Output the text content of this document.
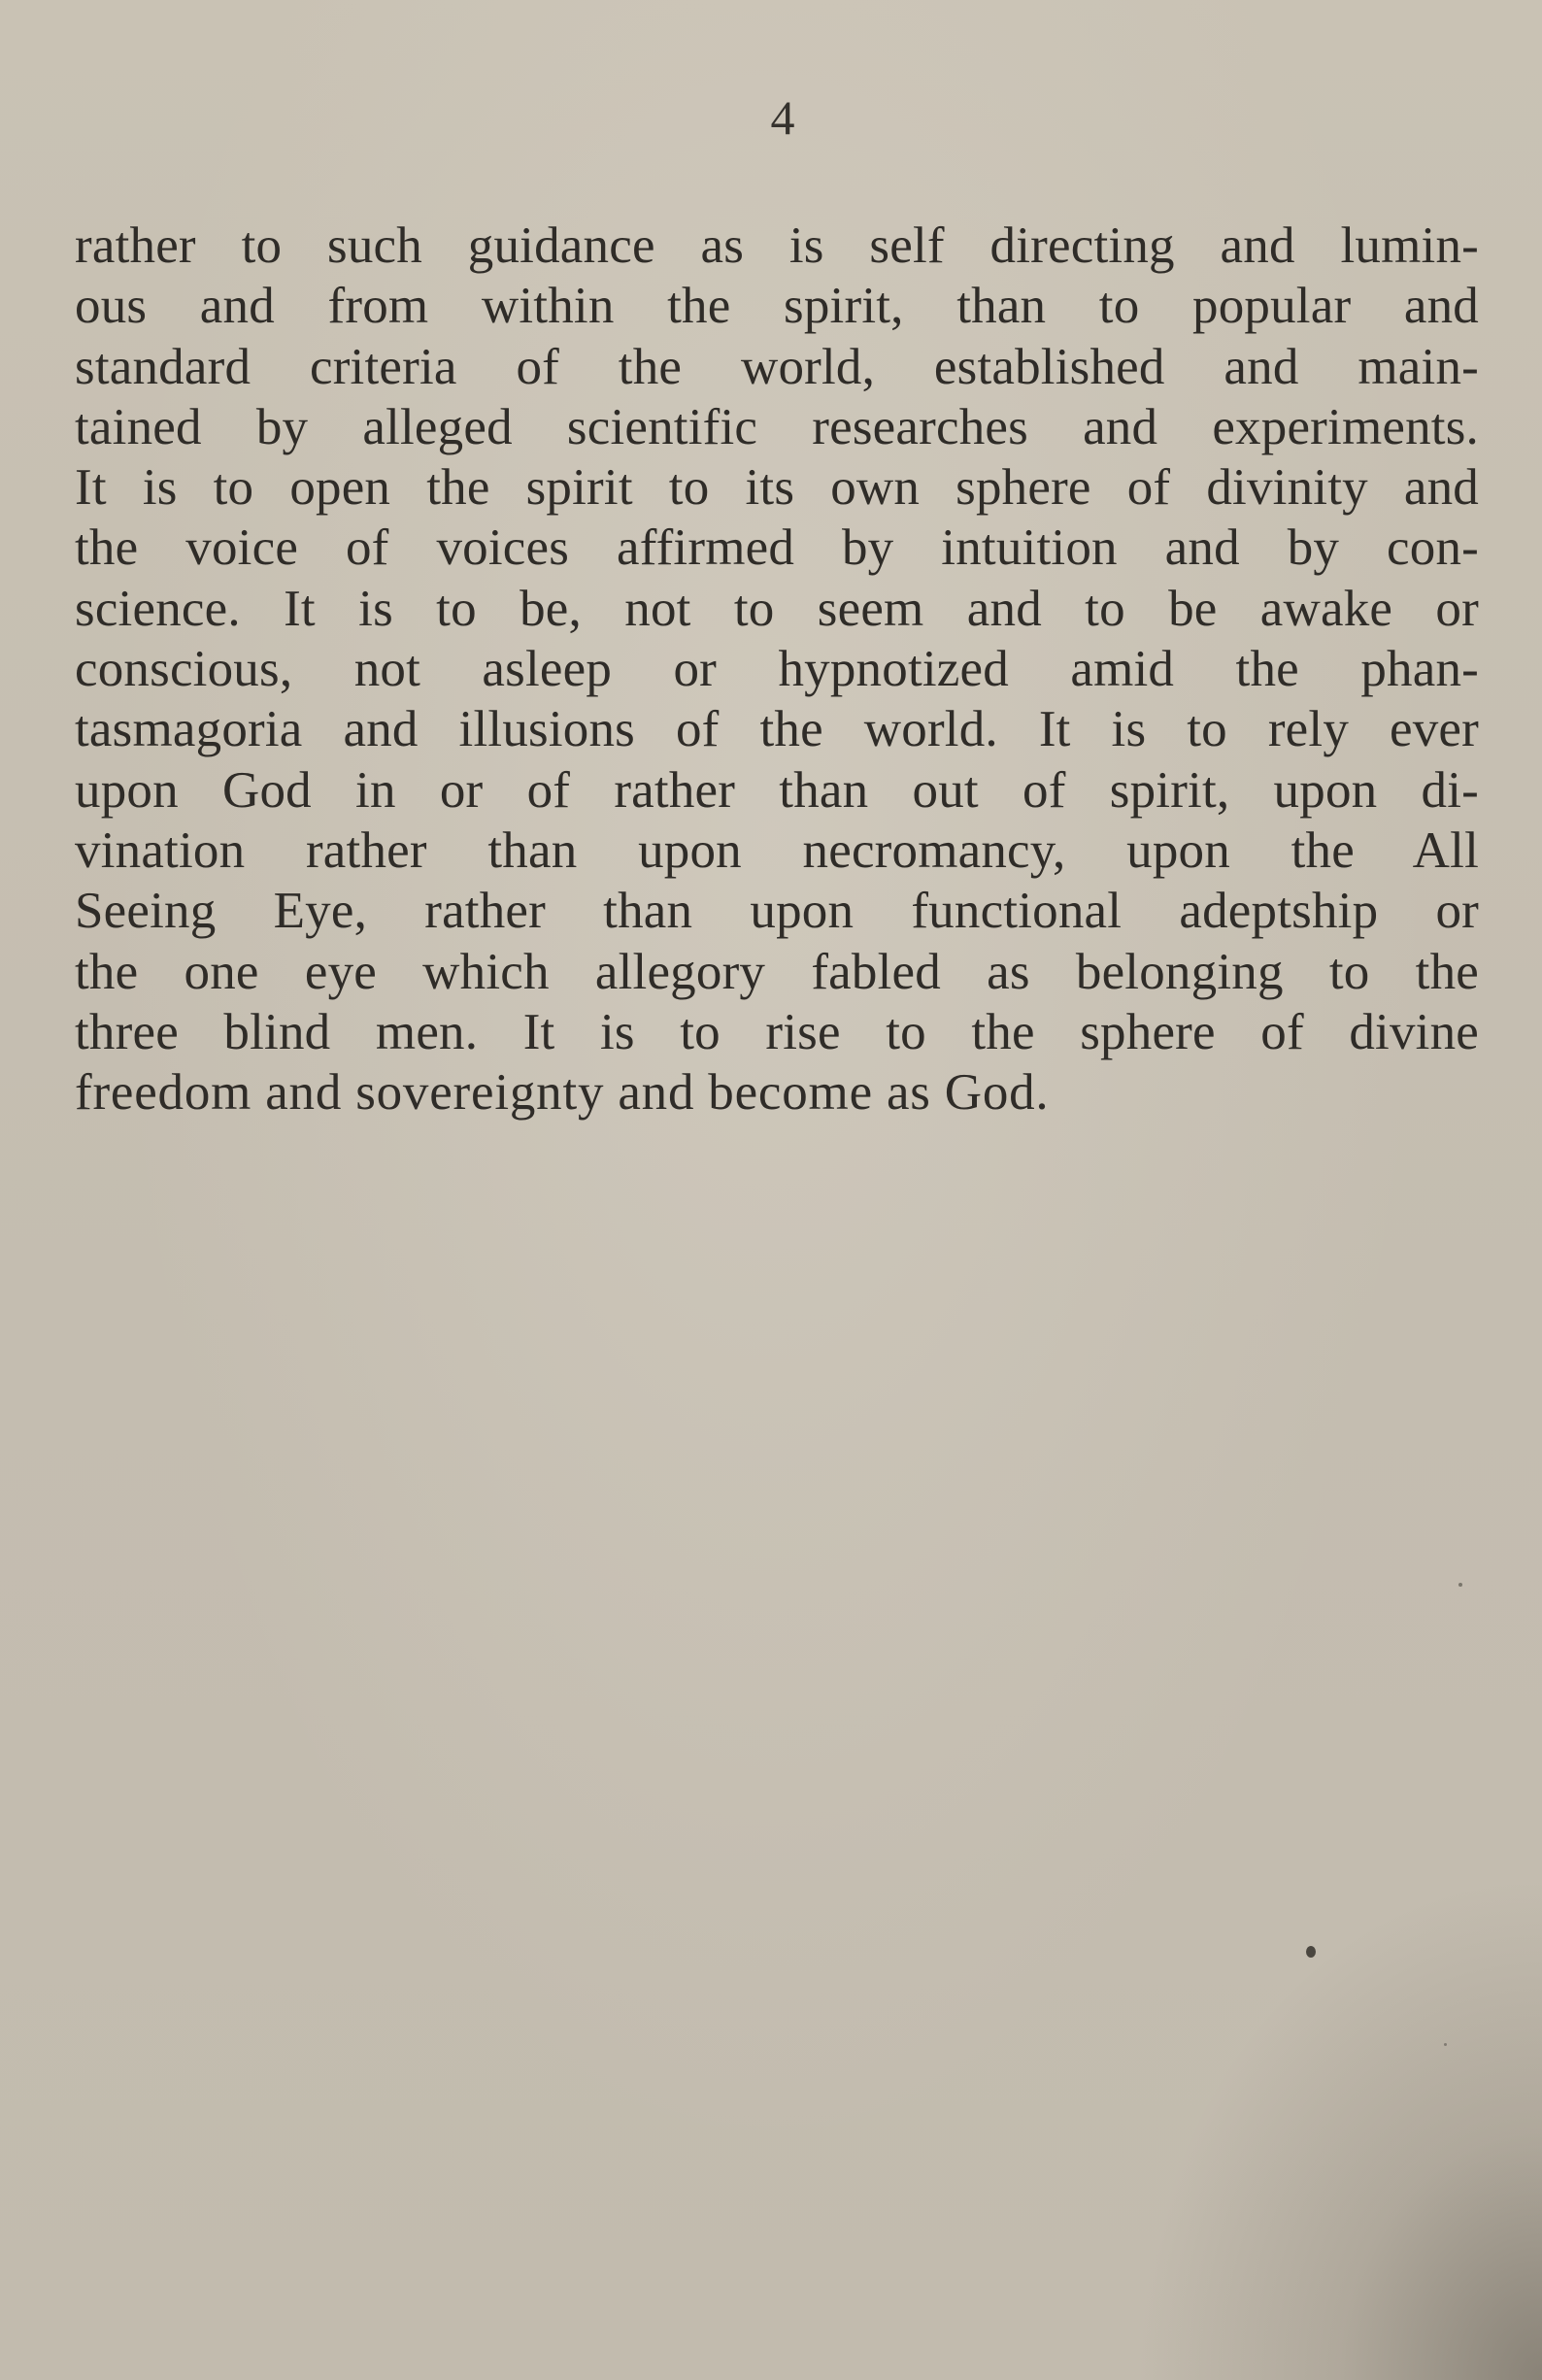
4
rather to such guidance as is self directing and lumin-
ous and from within the spirit, than to popular and
standard criteria of the world, established and main-
tained by alleged scientific researches and experiments.
It is to open the spirit to its own sphere of divinity and
the voice of voices affirmed by intuition and by con-
science. It is to be, not to seem and to be awake or
conscious, not asleep or hypnotized amid the phan-
tasmagoria and illusions of the world. It is to rely ever
upon God in or of rather than out of spirit, upon di-
vination rather than upon necromancy, upon the All
Seeing Eye, rather than upon functional adeptship or
the one eye which allegory fabled as belonging to the
three blind men. It is to rise to the sphere of divine
freedom and sovereignty and become as God.
